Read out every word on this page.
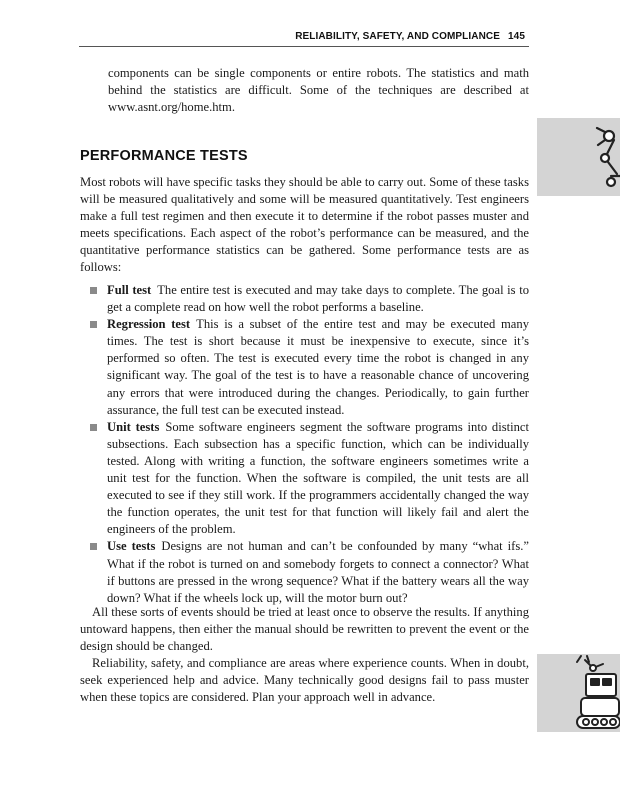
RELIABILITY, SAFETY, AND COMPLIANCE 145

components can be single components or entire robots. The statistics and math behind the statistics are difficult. Some of the techniques are described at www.asnt.org/home.htm.

PERFORMANCE TESTS

Most robots will have specific tasks they should be able to carry out. Some of these tasks will be measured qualitatively and some will be measured quantitatively. Test engineers make a full test regimen and then execute it to determine if the robot passes muster and meets specifications. Each aspect of the robot’s performance can be measured, and the quantitative performance statistics can be gathered. Some performance tests are as follows:

Full test The entire test is executed and may take days to complete. The goal is to get a complete read on how well the robot performs a baseline.
Regression test This is a subset of the entire test and may be executed many times. The test is short because it must be inexpensive to execute, since it’s performed so often. The test is executed every time the robot is changed in any significant way. The goal of the test is to have a reasonable chance of uncovering any errors that were introduced during the changes. Periodically, to gain further assurance, the full test can be executed instead.
Unit tests Some software engineers segment the software programs into distinct subsections. Each subsection has a specific function, which can be individually tested. Along with writing a function, the software engineers sometimes write a unit test for the function. When the software is compiled, the unit tests are all executed to see if they still work. If the programmers accidentally changed the way the function operates, the unit test for that function will likely fail and alert the engineers of the problem.
Use tests Designs are not human and can’t be confounded by many “what ifs.” What if the robot is turned on and somebody forgets to connect a connector? What if buttons are pressed in the wrong sequence? What if the battery wears all the way down? What if the wheels lock up, will the motor burn out?

All these sorts of events should be tried at least once to observe the results. If anything untoward happens, then either the manual should be rewritten to prevent the event or the design should be changed.

Reliability, safety, and compliance are areas where experience counts. When in doubt, seek experienced help and advice. Many technically good designs fail to pass muster when these topics are considered. Plan your approach well in advance.
